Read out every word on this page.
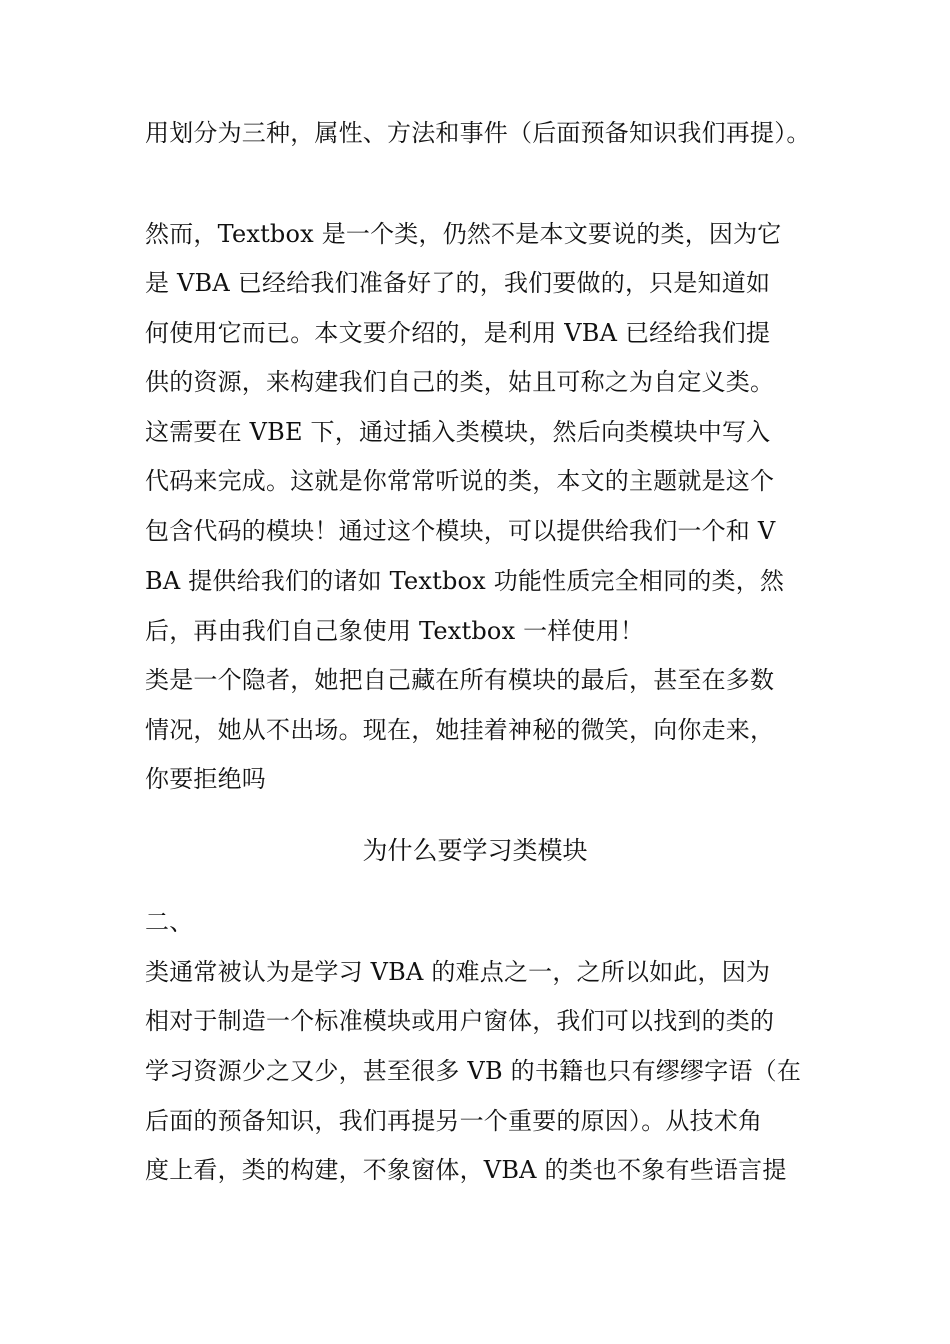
用划分为三种，属性、方法和事件（后面预备知识我们再提）。
然而，Textbox 是一个类，仍然不是本文要说的类，因为它
是 VBA 已经给我们准备好了的，我们要做的，只是知道如
何使用它而已。本文要介绍的，是利用 VBA 已经给我们提
供的资源，来构建我们自己的类，姑且可称之为自定义类。
这需要在 VBE 下，通过插入类模块，然后向类模块中写入
代码来完成。这就是你常常听说的类，本文的主题就是这个
包含代码的模块！通过这个模块，可以提供给我们一个和 V
BA 提供给我们的诸如 Textbox 功能性质完全相同的类，然
后，再由我们自己象使用 Textbox 一样使用！
类是一个隐者，她把自己藏在所有模块的最后，甚至在多数
情况，她从不出场。现在，她挂着神秘的微笑，向你走来，
你要拒绝吗
为什么要学习类模块
二、
类通常被认为是学习 VBA 的难点之一，之所以如此，因为
相对于制造一个标准模块或用户窗体，我们可以找到的类的
学习资源少之又少，甚至很多 VB 的书籍也只有缪缪字语（在
后面的预备知识，我们再提另一个重要的原因）。从技术角
度上看，类的构建，不象窗体，VBA 的类也不象有些语言提
